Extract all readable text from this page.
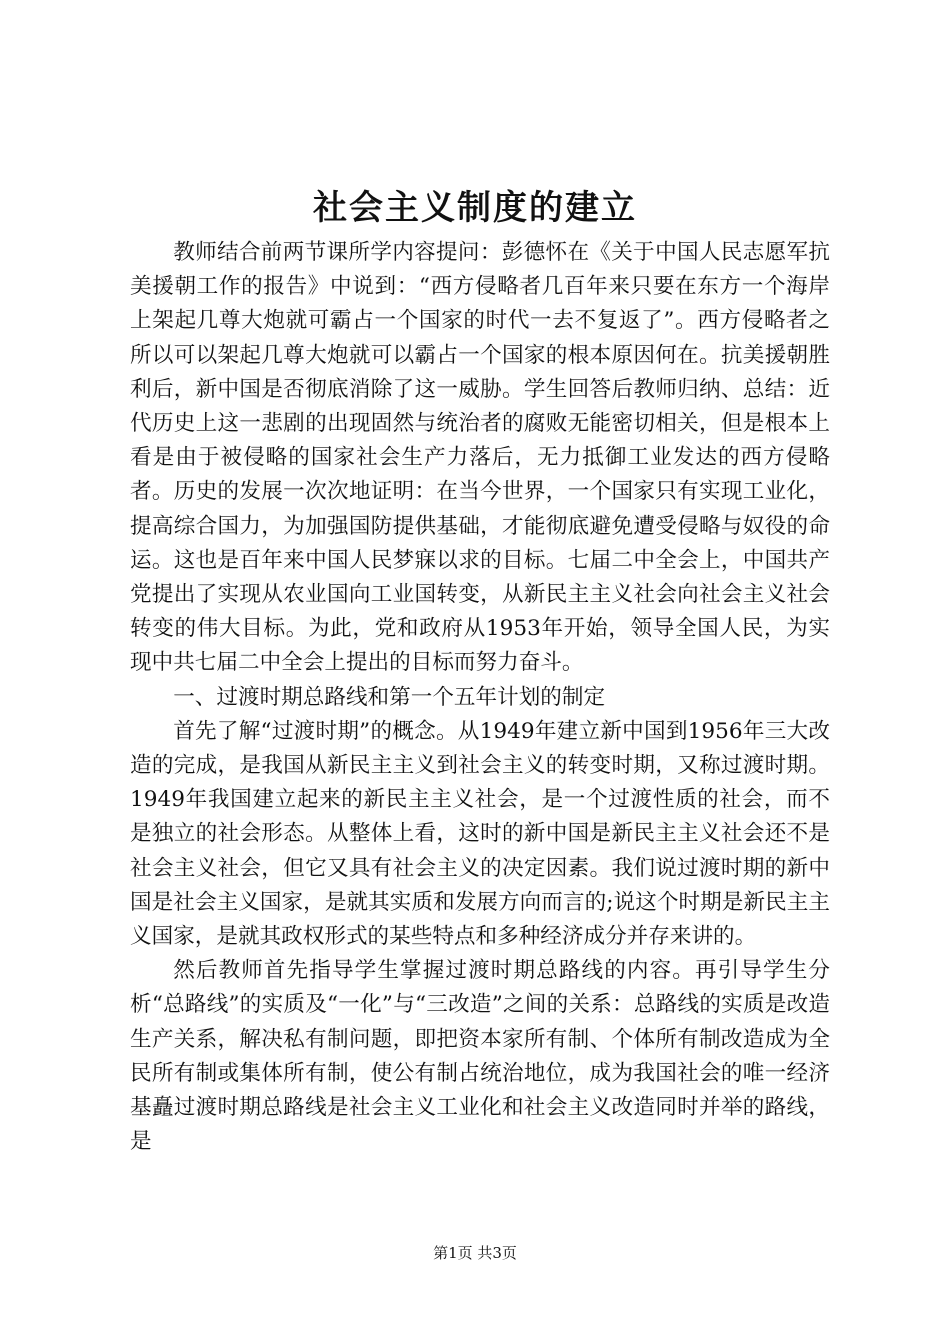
社会主义制度的建立

教师结合前两节课所学内容提问：彭德怀在《关于中国人民志愿军抗美援朝工作的报告》中说到：“西方侵略者几百年来只要在东方一个海岸上架起几尊大炮就可霸占一个国家的时代一去不复返了”。西方侵略者之所以可以架起几尊大炮就可以霸占一个国家的根本原因何在。抗美援朝胜利后，新中国是否彻底消除了这一威胁。学生回答后教师归纳、总结：近代历史上这一悲剧的出现固然与统治者的腐败无能密切相关，但是根本上看是由于被侵略的国家社会生产力落后，无力抵御工业发达的西方侵略者。历史的发展一次次地证明：在当今世界，一个国家只有实现工业化，提高综合国力，为加强国防提供基础，才能彻底避免遭受侵略与奴役的命运。这也是百年来中国人民梦寐以求的目标。七届二中全会上，中国共产党提出了实现从农业国向工业国转变，从新民主主义社会向社会主义社会转变的伟大目标。为此，党和政府从1953年开始，领导全国人民，为实现中共七届二中全会上提出的目标而努力奋斗。

一、过渡时期总路线和第一个五年计划的制定

首先了解“过渡时期”的概念。从1949年建立新中国到1956年三大改造的完成，是我国从新民主主义到社会主义的转变时期，又称过渡时期。1949年我国建立起来的新民主主义社会，是一个过渡性质的社会，而不是独立的社会形态。从整体上看，这时的新中国是新民主主义社会还不是社会主义社会，但它又具有社会主义的决定因素。我们说过渡时期的新中国是社会主义国家，是就其实质和发展方向而言的;说这个时期是新民主主义国家，是就其政权形式的某些特点和多种经济成分并存来讲的。

然后教师首先指导学生掌握过渡时期总路线的内容。再引导学生分析“总路线”的实质及“一化”与“三改造”之间的关系：总路线的实质是改造生产关系，解决私有制问题，即把资本家所有制、个体所有制改造成为全民所有制或集体所有制，使公有制占统治地位，成为我国社会的唯一经济基矗过渡时期总路线是社会主义工业化和社会主义改造同时并举的路线，是

第1页 共3页
